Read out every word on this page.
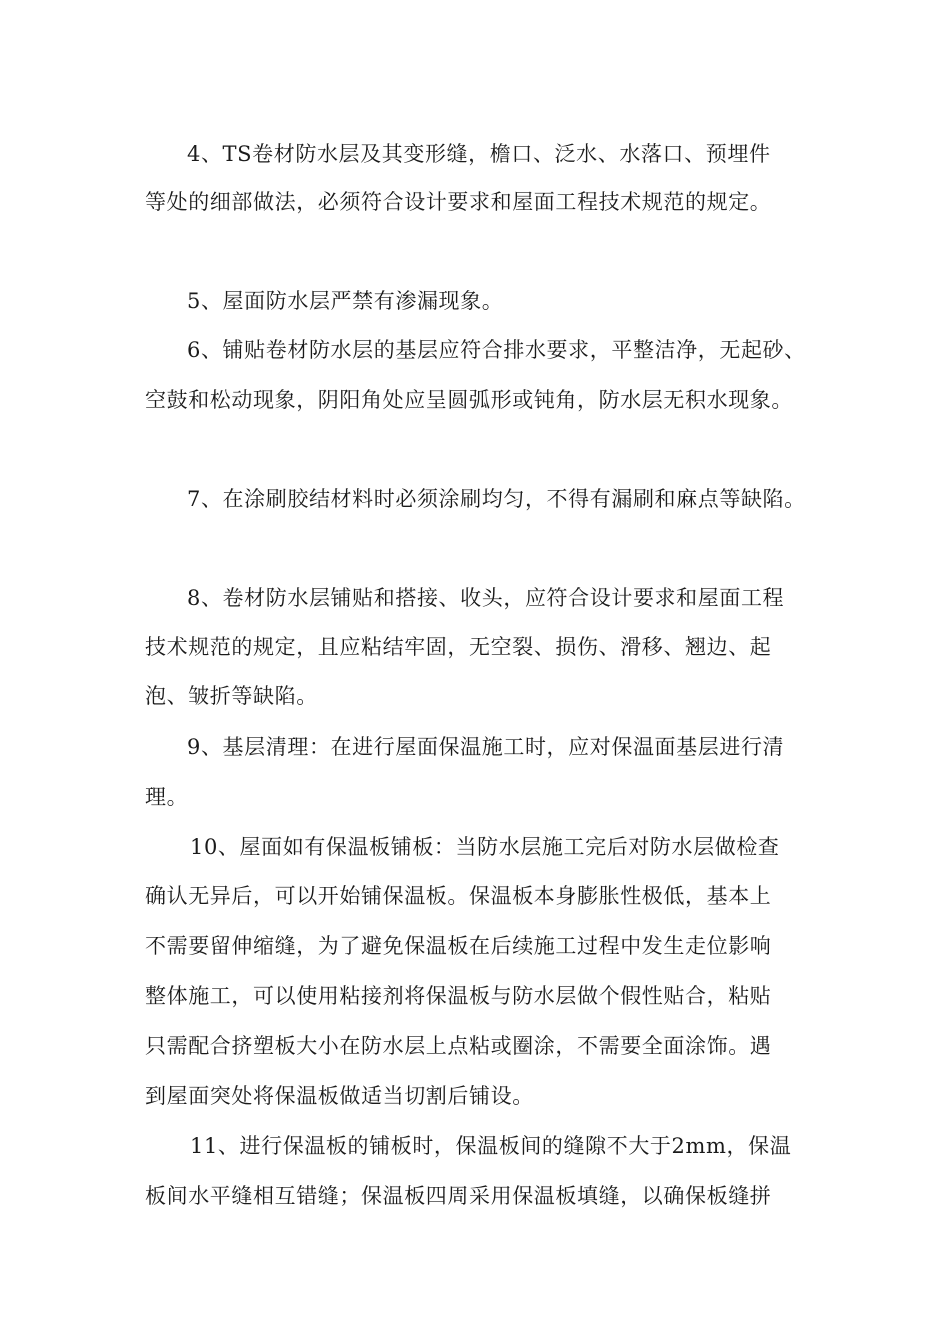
4、TS卷材防水层及其变形缝，檐口、泛水、水落口、预埋件

等处的细部做法，必须符合设计要求和屋面工程技术规范的规定。

5、屋面防水层严禁有渗漏现象。

6、铺贴卷材防水层的基层应符合排水要求，平整洁净，无起砂、

空鼓和松动现象，阴阳角处应呈圆弧形或钝角，防水层无积水现象。

7、在涂刷胶结材料时必须涂刷均匀，不得有漏刷和麻点等缺陷。

8、卷材防水层铺贴和搭接、收头，应符合设计要求和屋面工程

技术规范的规定，且应粘结牢固，无空裂、损伤、滑移、翘边、起

泡、皱折等缺陷。

9、基层清理：在进行屋面保温施工时，应对保温面基层进行清

理。

10、屋面如有保温板铺板：当防水层施工完后对防水层做检查

确认无异后，可以开始铺保温板。保温板本身膨胀性极低，基本上

不需要留伸缩缝，为了避免保温板在后续施工过程中发生走位影响

整体施工，可以使用粘接剂将保温板与防水层做个假性贴合，粘贴

只需配合挤塑板大小在防水层上点粘或圈涂，不需要全面涂饰。遇

到屋面突处将保温板做适当切割后铺设。

11、进行保温板的铺板时，保温板间的缝隙不大于2mm，保温

板间水平缝相互错缝；保温板四周采用保温板填缝，以确保板缝拼
